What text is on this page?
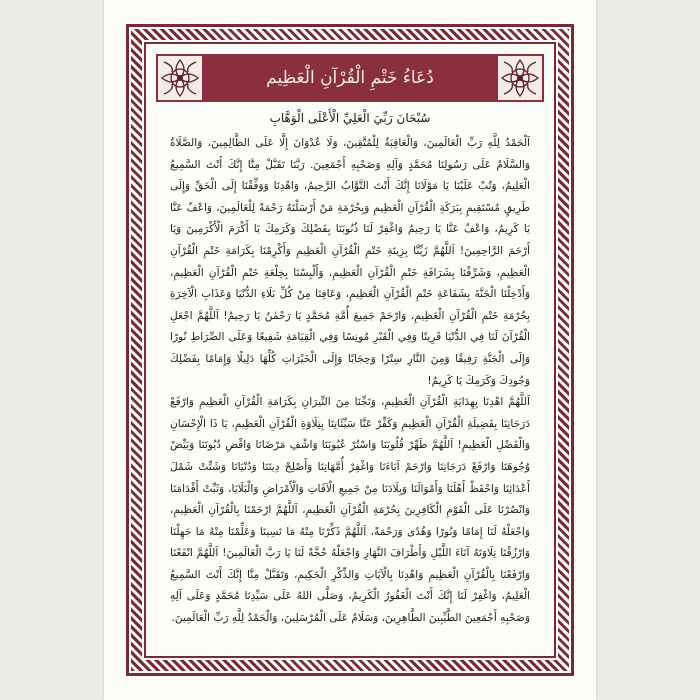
دُعَاءُ خَتْمِ الْقُرْآنِ الْعَظِيم
سُبْحَانَ رَبِّيَ الْعَلِيِّ الْأَعْلَى الْوَهَّابِ

اَلْحَمْدُ لِلَّهِ رَبِّ الْعَالَمِينَ، وَالْعَاقِبَةُ لِلْمُتَّقِينَ، وَلَا عُدْوَانَ إِلَّا عَلَى الظَّالِمِينَ، وَالصَّلَاةُ وَالسَّلَامُ عَلَى رَسُولِنَا مُحَمَّدٍ وَآلِهِ وَصَحْبِهِ أَجْمَعِينَ. رَبَّنَا تَقَبَّلْ مِنَّا إِنَّكَ أَنْتَ السَّمِيعُ الْعَلِيمُ، وَتُبْ عَلَيْنَا يَا مَوْلَانَا إِنَّكَ أَنْتَ التَّوَّابُ الرَّحِيمُ، وَاهْدِنَا وَوَفِّقْنَا إِلَى الْحَقِّ وَإِلَى طَرِيقٍ مُسْتَقِيمٍ بِبَرَكَةِ الْقُرْآنِ الْعَظِيمِ وَبِحُرْمَةِ مَنْ أَرْسَلْتَهُ رَحْمَةً لِلْعَالَمِينَ، وَاعْفُ عَنَّا يَا كَرِيمُ، وَاعْفُ عَنَّا يَا رَحِيمُ وَاغْفِرْ لَنَا ذُنُوبَنَا بِفَضْلِكَ وَكَرَمِكَ يَا أَكْرَمَ الْأَكْرَمِينَ وَيَا أَرْحَمَ الرَّاحِمِينَ! اَللَّهُمَّ زَيِّنَّا بِزِينَةِ خَتْمِ الْقُرْآنِ الْعَظِيمِ وَأَكْرِمْنَا بِكَرَامَةِ خَتْمِ الْقُرْآنِ الْعَظِيمِ، وَشَرِّفْنَا بِشَرَافَةِ خَتْمِ الْقُرْآنِ الْعَظِيمِ، وَأَلْبِسْنَا بِخِلْعَةِ خَتْمِ الْقُرْآنِ الْعَظِيمِ، وَأَدْخِلْنَا الْجَنَّةَ بِشَفَاعَةِ خَتْمِ الْقُرْآنِ الْعَظِيمِ، وَعَافِنَا مِنْ كُلِّ بَلَاءِ الدُّنْيَا وَعَذَابِ الْآخِرَةِ بِحُرْمَةِ خَتْمِ الْقُرْآنِ الْعَظِيمِ، وَارْحَمْ جَمِيعَ أُمَّةِ مُحَمَّدٍ يَا رَحْمٰنُ يَا رَحِيمُ! اَللَّهُمَّ اجْعَلِ الْقُرْآنَ لَنَا فِي الدُّنْيَا قَرِينًا وَفِي الْقَبْرِ مُونِسًا وَفِي الْقِيَامَةِ شَفِيعًا وَعَلَى الصِّرَاطِ نُورًا وَإِلَى الْجَنَّةِ رَفِيقًا وَمِنَ النَّارِ سِتْرًا وَحِجَابًا وَإِلَى الْخَيْرَاتِ كُلِّهَا دَلِيلًا وَإِمَامًا بِفَضْلِكَ وَجُودِكَ وَكَرَمِكَ يَا كَرِيمُ!

اَللَّهُمَّ اهْدِنَا بِهِدَايَةِ الْقُرْآنِ الْعَظِيمِ، وَنَجِّنَا مِنَ النِّيرَانِ بِكَرَامَةِ الْقُرْآنِ الْعَظِيمِ وَارْفَعْ دَرَجَاتِنَا بِفَضِيلَةِ الْقُرْآنِ الْعَظِيمِ وَكَفِّرْ عَنَّا سَيِّئَاتِنَا بِتِلَاوَةِ الْقُرْآنِ الْعَظِيمِ، يَا ذَا الْإِحْسَانِ وَالْفَضْلِ الْعَظِيمِ! اَللَّهُمَّ طَهِّرْ قُلُوبَنَا وَاسْتُرْ عُيُوبَنَا وَاشْفِ مَرْضَانَا وَاقْضِ دُيُونَنَا وَبَيِّضْ وُجُوهَنَا وَارْفَعْ دَرَجَاتِنَا وَارْحَمْ آبَاءَنَا وَاغْفِرْ أُمَّهَاتِنَا وَأَصْلِحْ دِينَنَا وَدُنْيَانَا وَشَتِّتْ شَمْلَ أَعْدَائِنَا وَاحْفَظْ أَهْلَنَا وَأَمْوَالَنَا وَبِلَادَنَا مِنْ جَمِيعِ الْآفَاتِ وَالْأَمْرَاضِ وَالْبَلَايَا، وَثَبِّتْ أَقْدَامَنَا وَانْصُرْنَا عَلَى الْقَوْمِ الْكَافِرِينَ بِحُرْمَةِ الْقُرْآنِ الْعَظِيمِ، اَللَّهُمَّ ارْحَمْنَا بِالْقُرْآنِ الْعَظِيمِ، وَاجْعَلْهُ لَنَا إِمَامًا وَنُورًا وَهُدًى وَرَحْمَةً، اَللَّهُمَّ ذَكِّرْنَا مِنْهُ مَا نَسِينَا وَعَلِّمْنَا مِنْهُ مَا جَهِلْنَا وَارْزُقْنَا تِلَاوَتَهُ آنَاءَ اللَّيْلِ وَأَطْرَافَ النَّهَارِ وَاجْعَلْهُ حُجَّةً لَنَا يَا رَبَّ الْعَالَمِينَ! اَللَّهُمَّ انْفَعْنَا وَارْفَعْنَا بِالْقُرْآنِ الْعَظِيمِ وَاهْدِنَا بِالْآيَاتِ وَالذِّكْرِ الْحَكِيمِ، وَتَقَبَّلْ مِنَّا إِنَّكَ أَنْتَ السَّمِيعُ الْعَلِيمُ، وَاغْفِرْ لَنَا إِنَّكَ أَنْتَ الْغَفُورُ الْكَرِيمُ، وَصَلَّى اللهُ عَلَى سَيِّدِنَا مُحَمَّدٍ وَعَلَى آلِهِ وَصَحْبِهِ أَجْمَعِينَ الطَّيِّبِينَ الطَّاهِرِينَ، وَسَلَامٌ عَلَى الْمُرْسَلِينَ، وَالْحَمْدُ لِلَّهِ رَبِّ الْعَالَمِينَ.
